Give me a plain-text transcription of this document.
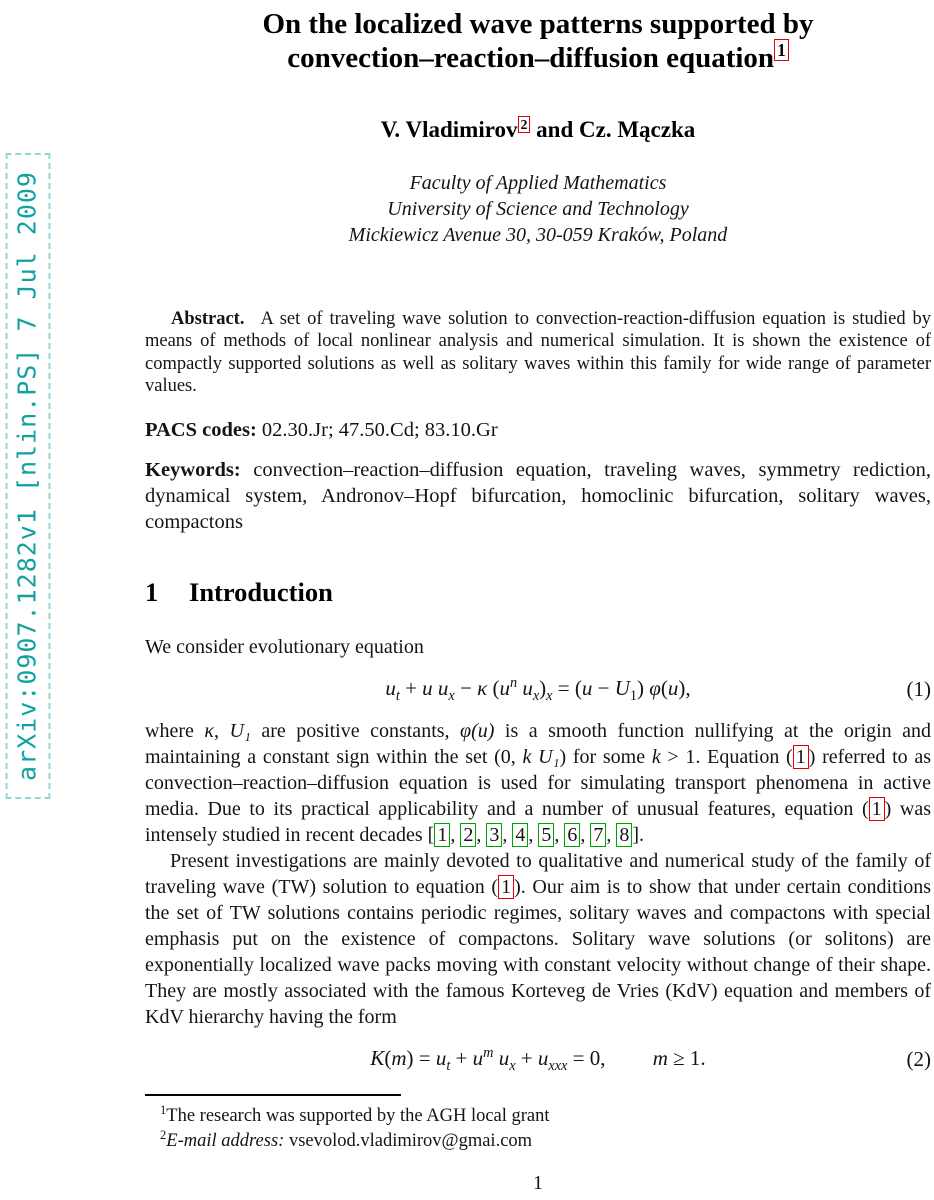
arXiv:0907.1282v1 [nlin.PS] 7 Jul 2009
On the localized wave patterns supported by
convection–reaction–diffusion equation $^1$
V. Vladimirov $^2$ and Cz. Mączka
Faculty of Applied Mathematics
University of Science and Technology
Mickiewicz Avenue 30, 30-059 Kraków, Poland

Abstract. A set of traveling wave solution to convection-reaction-diffusion equation is studied by means of methods of local nonlinear analysis and numerical simulation. It is shown the existence of compactly supported solutions as well as solitary waves within this family for wide range of parameter values.

PACS codes: 02.30.Jr; 47.50.Cd; 83.10.Gr

Keywords: convection–reaction–diffusion equation, traveling waves, symmetry rediction, dynamical system, Andronov–Hopf bifurcation, homoclinic bifurcation, solitary waves, compactons

1 Introduction

We consider evolutionary equation

$u_t + u$ $u_x - \kappa$ ($u^n$ $u_x)_x = (u - U_1)$ φ(u),	(1)

where κ, U₁ are positive constants, φ(u) is a smooth function nullifying at the origin and maintaining a constant sign within the set (0, k U₁) for some k > 1. Equation ( 1 ) referred to as convection–reaction–diffusion equation is used for simulating transport phenomena in active media. Due to its practical applicability and a number of unusual features, equation ( 1 ) was intensely studied in recent decades [ 1 , 2 , 3 , 4 , 5 , 6 , 7 , 8 ].

Present investigations are mainly devoted to qualitative and numerical study of the family of traveling wave (TW) solution to equation ( 1 ). Our aim is to show that under certain conditions the set of TW solutions contains periodic regimes, solitary waves and compactons with special emphasis put on the existence of compactons. Solitary wave solutions (or solitons) are exponentially localized wave packs moving with constant velocity without change of their shape. They are mostly associated with the famous Korteveg de Vries (KdV) equation and members of KdV hierarchy having the form

$K(m) = u_t + u^m$ $u_x + u_{xxx} = 0$,   m ≥ 1.	(2)
$^1$The research was supported by the AGH local grant
$^2$E-mail address: vsevolod.vladimirov@gmai.com
1
